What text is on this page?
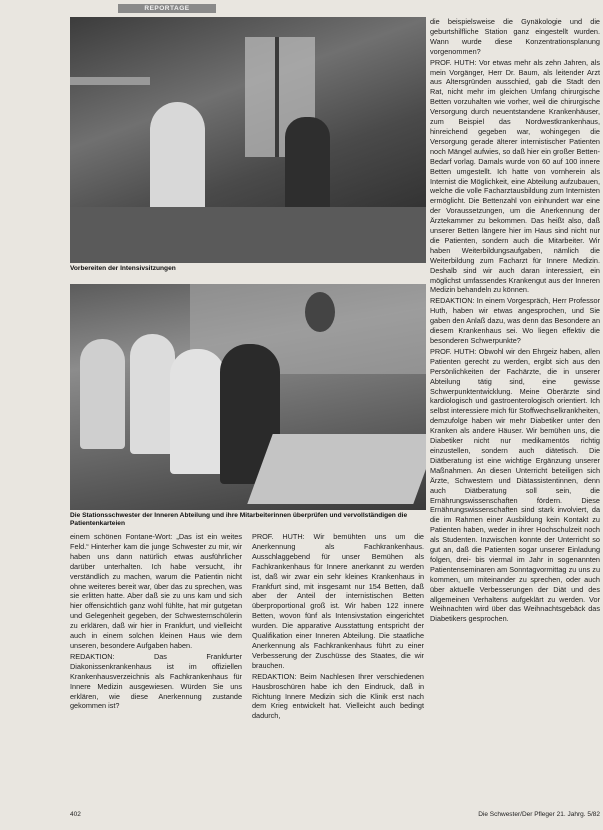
REPORTAGE
Vorbereiten der Intensivsitzungen
Die Stationsschwester der Inneren Abteilung und ihre Mitarbeiterinnen überprüfen und vervollständigen die Patientenkarteien

einem schönen Fontane-Wort: „Das ist ein weites Feld.“ Hinterher kam die junge Schwester zu mir, wir haben uns dann natürlich etwas ausführlicher darüber unterhalten. Ich habe versucht, ihr verständlich zu machen, warum die Patientin nicht ohne weiteres bereit war, über das zu sprechen, was sie erlitten hatte. Aber daß sie zu uns kam und sich hier offensichtlich ganz wohl fühlte, hat mir gutgetan und Gelegenheit gegeben, der Schwesternschülerin zu erklären, daß wir hier in Frankfurt, und vielleicht auch in einem solchen kleinen Haus wie dem unseren, besondere Aufgaben haben.

REDAKTION: Das Frankfurter Diakonissenkrankenhaus ist im offiziellen Krankenhausverzeichnis als Fachkrankenhaus für Innere Medizin ausgewiesen. Würden Sie uns erklären, wie diese Anerkennung zustande gekommen ist?

PROF. HUTH: Wir bemühten uns um die Anerkennung als Fachkrankenhaus. Ausschlaggebend für unser Bemühen als Fachkrankenhaus für Innere anerkannt zu werden ist, daß wir zwar ein sehr kleines Krankenhaus in Frankfurt sind, mit insgesamt nur 154 Betten, daß aber der Anteil der internistischen Betten überproportional groß ist. Wir haben 122 innere Betten, wovon fünf als Intensivstation eingerichtet wurden. Die apparative Ausstattung entspricht der Qualifikation einer Inneren Abteilung. Die staatliche Anerkennung als Fachkrankenhaus führt zu einer Verbesserung der Zuschüsse des Staates, die wir brauchen.

REDAKTION: Beim Nachlesen Ihrer verschiedenen Hausbroschüren habe ich den Eindruck, daß in Richtung Innere Medizin sich die Klinik erst nach dem Krieg entwickelt hat. Vielleicht auch bedingt dadurch,

die beispielsweise die Gynäkologie und die geburtshilfliche Station ganz eingestellt wurden. Wann wurde diese Konzentrationsplanung vorgenommen?

PROF. HUTH: Vor etwas mehr als zehn Jahren, als mein Vorgänger, Herr Dr. Baum, als leitender Arzt aus Altersgründen ausschied, gab die Stadt den Rat, nicht mehr im gleichen Umfang chirurgische Betten vorzuhalten wie vorher, weil die chirurgische Versorgung durch neuentstandene Krankenhäuser, zum Beispiel das Nordwestkrankenhaus, hinreichend gegeben war, wohingegen die Versorgung gerade älterer internistischer Patienten noch Mängel aufwies, so daß hier ein großer Betten-Bedarf vorlag. Damals wurde von 60 auf 100 innere Betten umgestellt. Ich hatte von vornherein als Internist die Möglichkeit, eine Abteilung aufzubauen, welche die volle Facharztausbildung zum Internisten ermöglicht. Die Bettenzahl von einhundert war eine der Voraussetzungen, um die Anerkennung der Ärztekammer zu bekommen. Das heißt also, daß unserer Betten längere hier im Haus sind nicht nur die Patienten, sondern auch die Mitarbeiter. Wir haben Weiterbildungsaufgaben, nämlich die Weiterbildung zum Facharzt für Innere Medizin. Deshalb sind wir auch daran interessiert, ein möglichst umfassendes Krankengut aus der Inneren Medizin behandeln zu können.

REDAKTION: In einem Vorgespräch, Herr Professor Huth, haben wir etwas angesprochen, und Sie gaben den Anlaß dazu, was denn das Besondere an diesem Krankenhaus sei. Wo liegen effektiv die besonderen Schwerpunkte?

PROF. HUTH: Obwohl wir den Ehrgeiz haben, allen Patienten gerecht zu werden, ergibt sich aus den Persönlichkeiten der Fachärzte, die in unserer Abteilung tätig sind, eine gewisse Schwerpunktentwicklung. Meine Oberärzte sind kardiologisch und gastroenterologisch orientiert. Ich selbst interessiere mich für Stoffwechselkrankheiten, demzufolge haben wir mehr Diabetiker unter den Kranken als andere Häuser. Wir bemühen uns, die Diabetiker nicht nur medikamentös richtig einzustellen, sondern auch diätetisch. Die Diätberatung ist eine wichtige Ergänzung unserer Maßnahmen. An diesen Unterricht beteiligen sich Ärzte, Schwestern und Diätassistentinnen, denn auch Diätberatung soll sein, die Ernährungswissenschaften fördern. Diese Ernährungswissenschaften sind stark involviert, da die im Rahmen einer Ausbildung kein Kontakt zu Patienten haben, weder in ihrer Hochschulzeit noch als Studenten. Inzwischen konnte der Unterricht so gut an, daß die Patienten sogar unserer Einladung folgen, drei- bis viermal im Jahr in sogenannten Patientenseminaren am Sonntagvormittag zu uns zu kommen, um miteinander zu sprechen, oder auch über aktuelle Verbesserungen der Diät und des allgemeinen Verhaltens aufgeklärt zu werden. Vor Weihnachten wird über das Weihnachtsgebäck das Diabetikers gesprochen.

402	Die Schwester/Der Pfleger 21. Jahrg. 5/82
